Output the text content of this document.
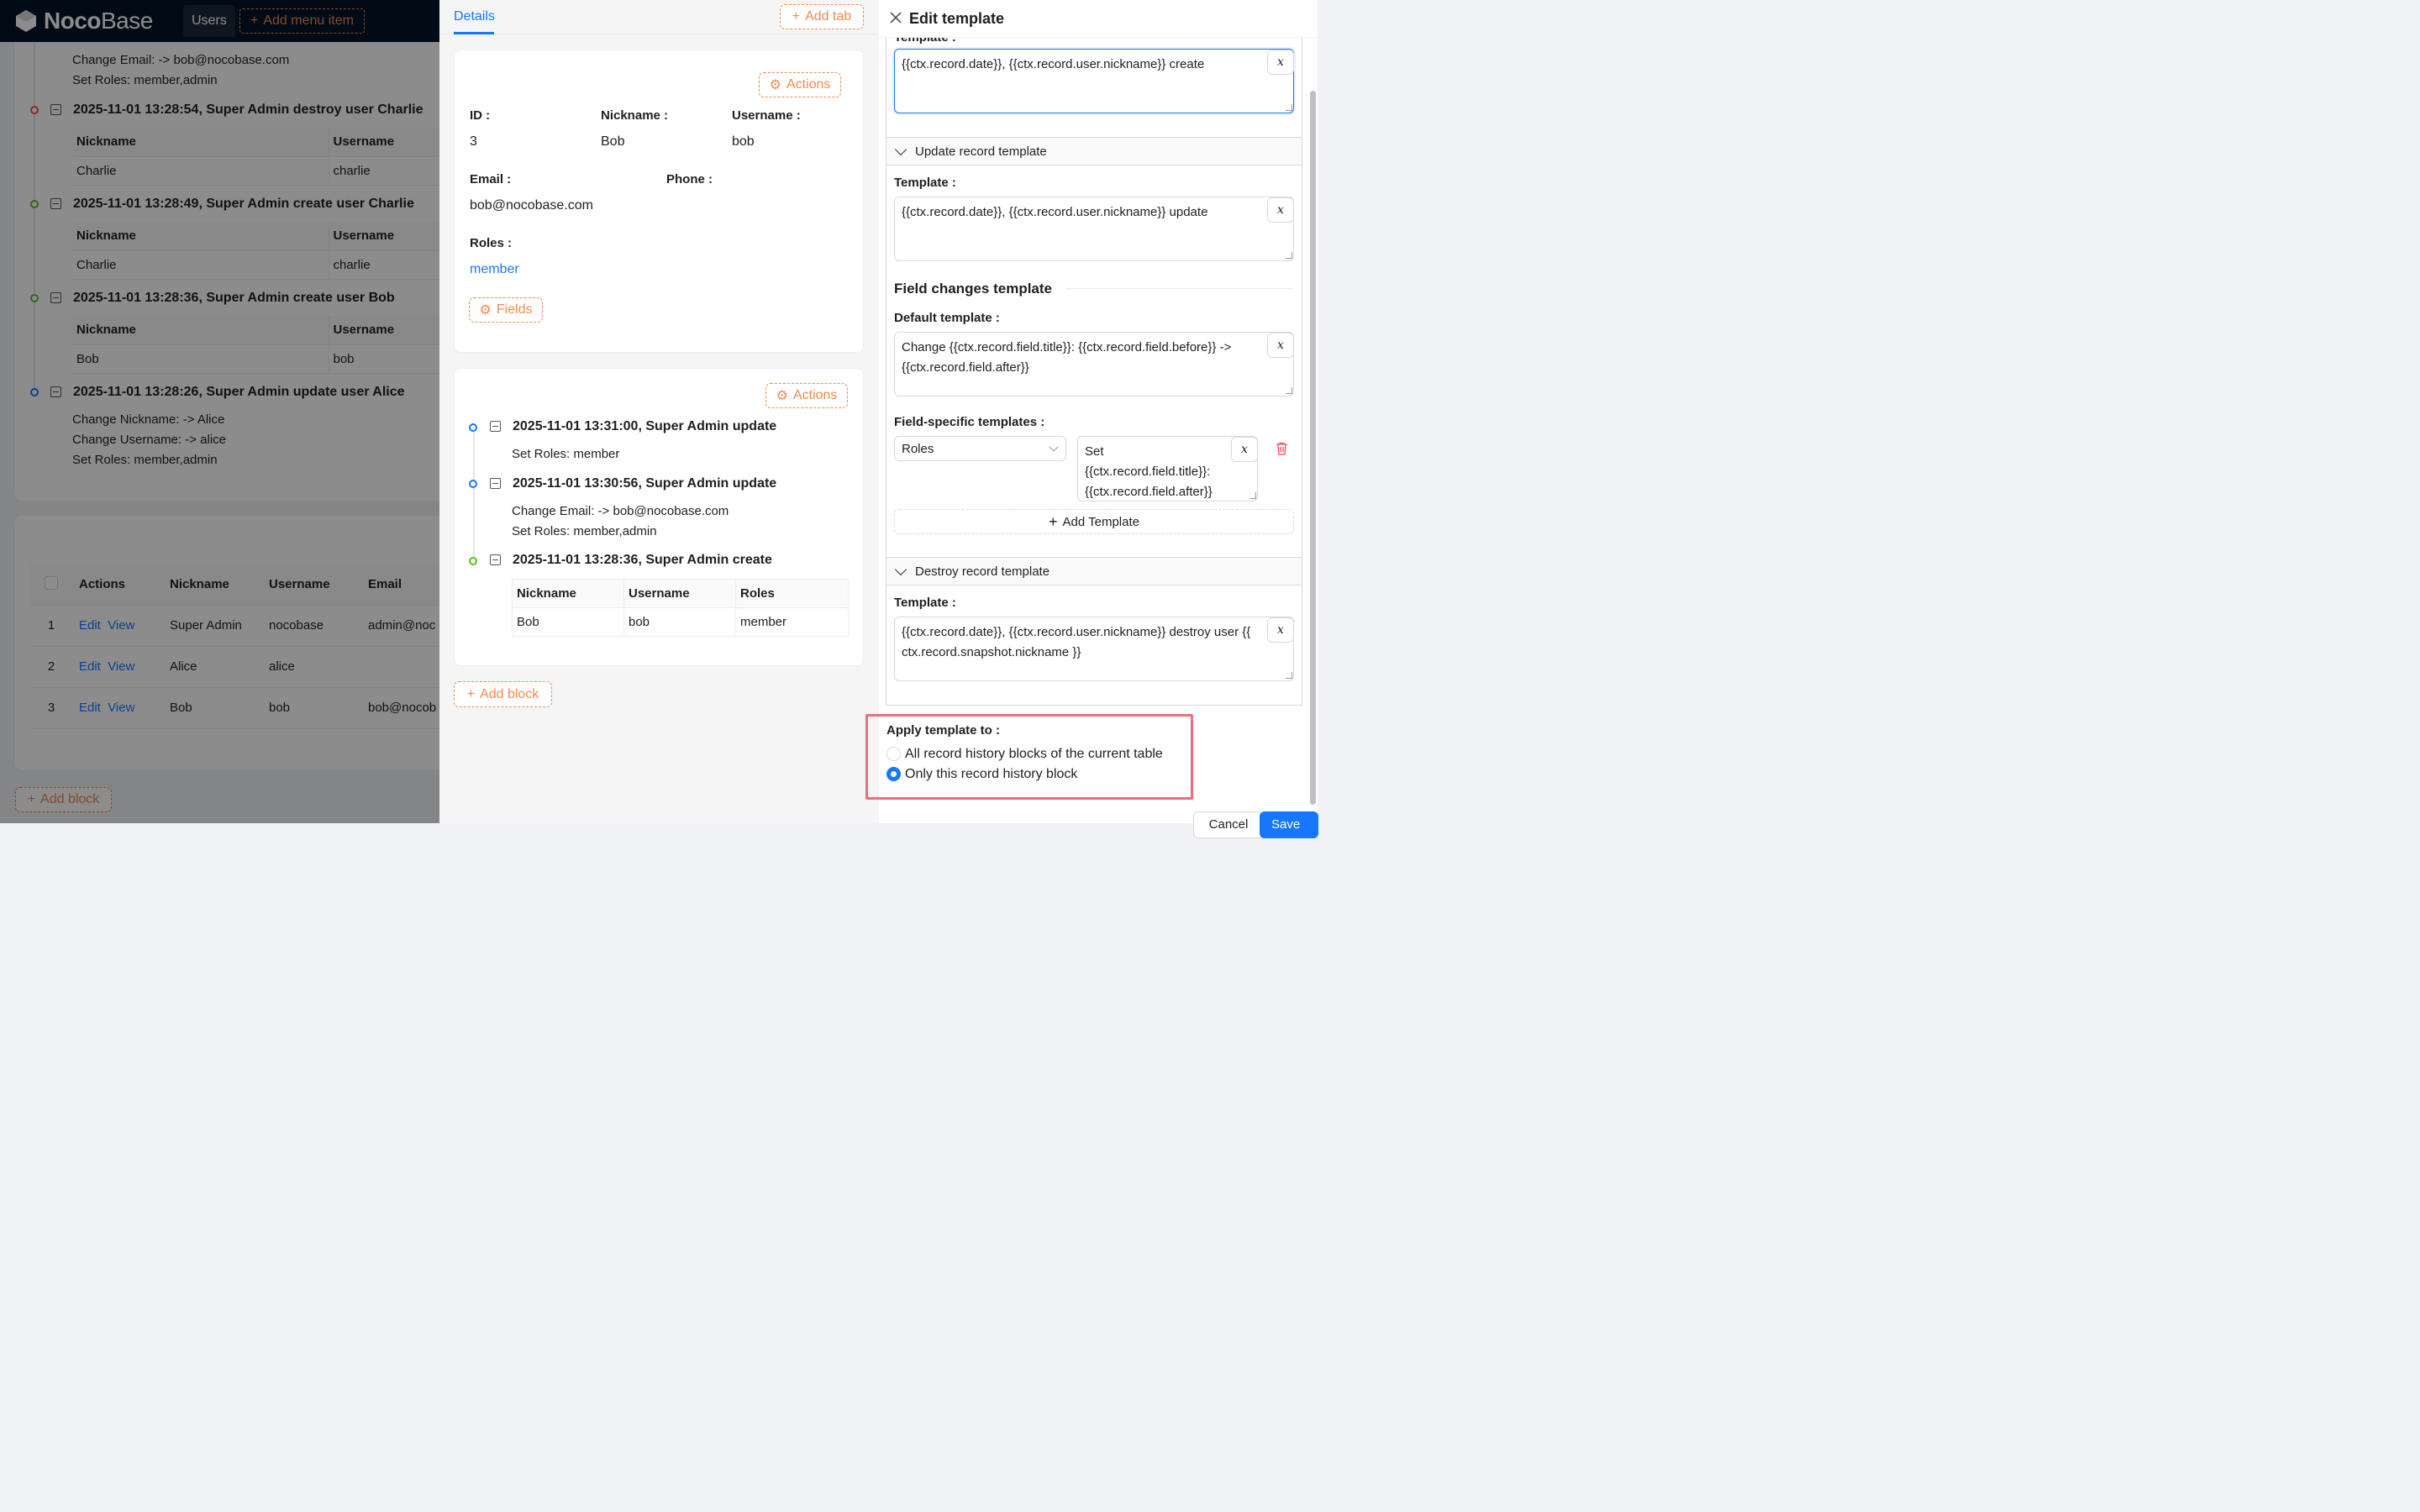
Noco Base	Users + Add menu item
Change Email: -> bob@nocobase.com
Set Roles: member,admin
2025-11-01 13:28:54, Super Admin destroy user Charlie
Nickname	Username
Charlie	charlie
2025-11-01 13:28:49, Super Admin create user Charlie
Nickname	Username
Charlie	charlie
2025-11-01 13:28:36, Super Admin create user Bob
Nickname	Username
Bob	bob
2025-11-01 13:28:26, Super Admin update user Alice
Change Nickname: -> Alice
Change Username: -> alice
Set Roles: member,admin
	Actions	Nickname	Username	Email
1	Edit View	Super Admin	nocobase	admin@noc
2	Edit View	Alice	alice	
3	Edit View	Bob	bob	bob@nocob
+ Add block
Details	+ Add tab
⚙ Actions
ID :
3
Nickname :
Bob
Username :
bob
Email :
bob@nocobase.com
Phone :
Roles :
member
⚙ Fields
⚙ Actions
2025-11-01 13:31:00, Super Admin update
Set Roles: member
2025-11-01 13:30:56, Super Admin update
Change Email: -> bob@nocobase.com
Set Roles: member,admin
2025-11-01 13:28:36, Super Admin create
Nickname	Username	Roles
Bob	bob	member
+ Add block
{{ctx.record.date}}, {{ctx.record.user.nickname}} create	x
Update record template
Template :
{{ctx.record.date}}, {{ctx.record.user.nickname}} update	x
Field changes template
Default template :
Change {{ctx.record.field.title}}: {{ctx.record.field.before}} -> {{ctx.record.field.after}}
x
Field-specific templates :
Roles	Set {{ctx.record.field.title}}: {{ctx.record.field.after}}
x
+ Add Template
Destroy record template
Template :
{{ctx.record.date}}, {{ctx.record.user.nickname}} destroy user {{ ctx.record.snapshot.nickname }}
x
Apply template to :
All record history blocks of the current table
Only this record history block
Cancel	Save
Edit template
